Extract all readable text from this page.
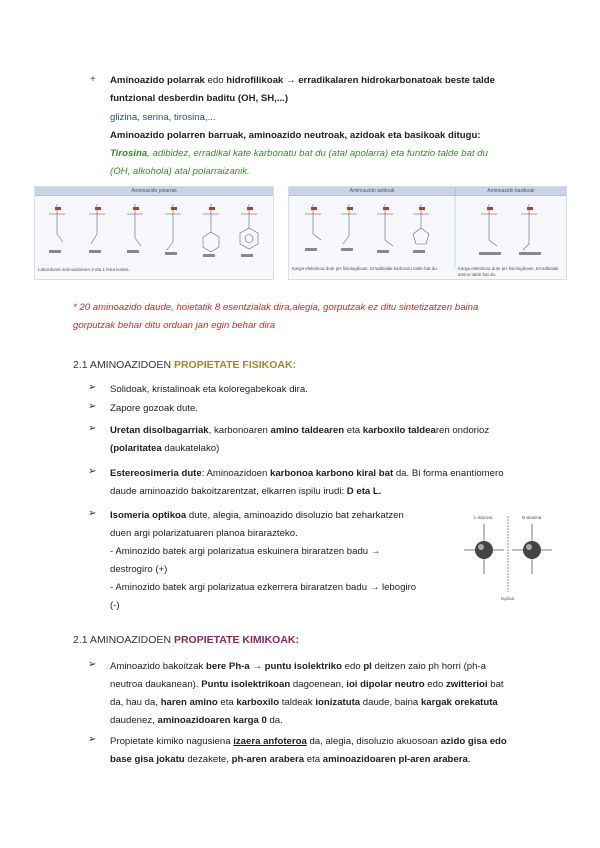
+ Aminoazido polarrak edo hidrofilikoak → erradikalaren hidrokarbonatoak beste talde
funtzional desberdin baditu (OH, SH,...)
glizina, serina, tirosina,...
Aminoazido polarren barruak, aminoazido neutroak, azidoak eta basikoak ditugu:
Tirosina, adibidez, erradikal kate karbonatu bat du (atal apolarra) eta funtzio talde bat du
(OH, alkohola) atal polarraizanik.
Aminoazido polarrak
Laburdurak aminoazidoen 3 eta 1 letra kodea.
Aminoazido azidoak	Aminoazido basikoak
Karga elektrikoa dute pH fisiologikoan. Erradikalak karboxilo talde bat du.	Karga elektrikoa dute pH fisiologikoan. Erradikalak amino talde bat du.
* 20 aminoazido daude, hoietatik 8 esentzialak dira,alegia, gorputzak ez ditu sintetizatzen baina
gorputzak behar ditu orduan jan egin behar dira
2.1 AMINOAZIDOEN PROPIETATE FISIKOAK:
➢ Solidoak, kristalinoak eta koloregabekoak dira.
➢ Zapore gozoak dute.
➢ Uretan disolbagarriak, karbonoaren amino taldearen eta karboxilo taldearen ondorioz
(polaritatea daukatelako)
➢ Estereosimeria dute: Aminoazidoen karbonoa karbono kiral bat da. Bi forma enantiomero
daude aminoazido bakoitzarentzat, elkarren ispilu irudi: D eta L.
➢ Isomeria optikoa dute, alegia, aminoazido disoluzio bat zeharkatzen
duen argi polarizatuaren planoa birarazteko.
- Aminozido batek argi polarizatua eskuinera biraratzen badu →
destrogiro (+)
- Aminozido batek argi polarizatua ezkerrera biraratzen badu → lebogiro
(-)
L-alanina	D-alanina
Ispilua
2.1 AMINOAZIDOEN PROPIETATE KIMIKOAK:
➢ Aminoazido bakoitzak bere Ph-a → puntu isolektriko edo pI deitzen zaio ph horri (ph-a
neutroa daukanean). Puntu isolektrikoan dagoenean, ioi dipolar neutro edo zwitterioi bat
da, hau da, haren amino eta karboxilo taldeak ionizatuta daude, baina kargak orekatuta
daudenez, aminoazidoaren karga 0 da.
➢ Propietate kimiko nagusiena izaera anfoteroa da, alegia, disoluzio akuosoan azido gisa edo
base gisa jokatu dezakete, ph-aren arabera eta aminoazidoaren pI-aren arabera.
